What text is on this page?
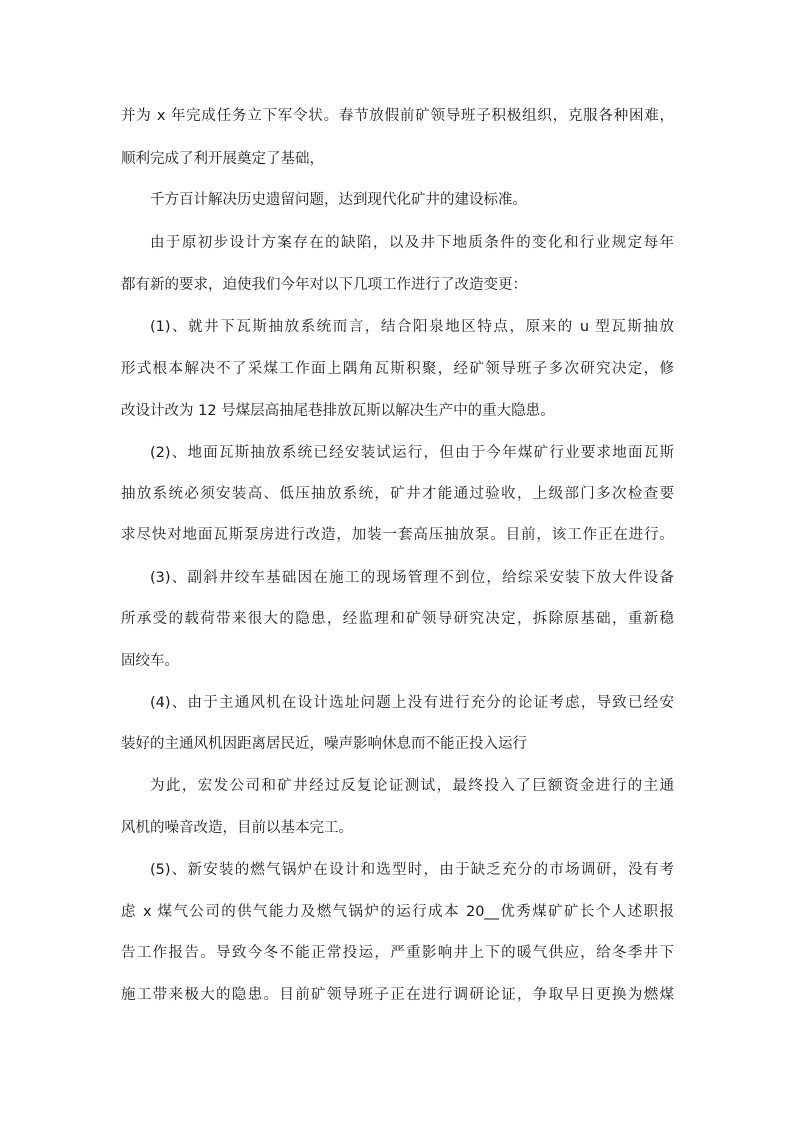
并为 x 年完成任务立下军令状。春节放假前矿领导班子积极组织，克服各种困难，
顺利完成了利开展奠定了基础，
千方百计解决历史遗留问题，达到现代化矿井的建设标准。
由于原初步设计方案存在的缺陷，以及井下地质条件的变化和行业规定每年
都有新的要求，迫使我们今年对以下几项工作进行了改造变更：
(1)、就井下瓦斯抽放系统而言，结合阳泉地区特点，原来的 u 型瓦斯抽放
形式根本解决不了采煤工作面上隅角瓦斯积聚，经矿领导班子多次研究决定，修
改设计改为 12 号煤层高抽尾巷排放瓦斯以解决生产中的重大隐患。
(2)、地面瓦斯抽放系统已经安装试运行，但由于今年煤矿行业要求地面瓦斯
抽放系统必须安装高、低压抽放系统，矿井才能通过验收，上级部门多次检查要
求尽快对地面瓦斯泵房进行改造，加装一套高压抽放泵。目前，该工作正在进行。
(3)、副斜井绞车基础因在施工的现场管理不到位，给综采安装下放大件设备
所承受的载荷带来很大的隐患，经监理和矿领导研究决定，拆除原基础，重新稳
固绞车。
(4)、由于主通风机在设计选址问题上没有进行充分的论证考虑，导致已经安
装好的主通风机因距离居民近，噪声影响休息而不能正投入运行
为此，宏发公司和矿井经过反复论证测试，最终投入了巨额资金进行的主通
风机的噪音改造，目前以基本完工。
(5)、新安装的燃气锅炉在设计和选型时，由于缺乏充分的市场调研，没有考
虑 x 煤气公司的供气能力及燃气锅炉的运行成本 20__优秀煤矿矿长个人述职报
告工作报告。导致今冬不能正常投运，严重影响井上下的暖气供应，给冬季井下
施工带来极大的隐患。目前矿领导班子正在进行调研论证，争取早日更换为燃煤
